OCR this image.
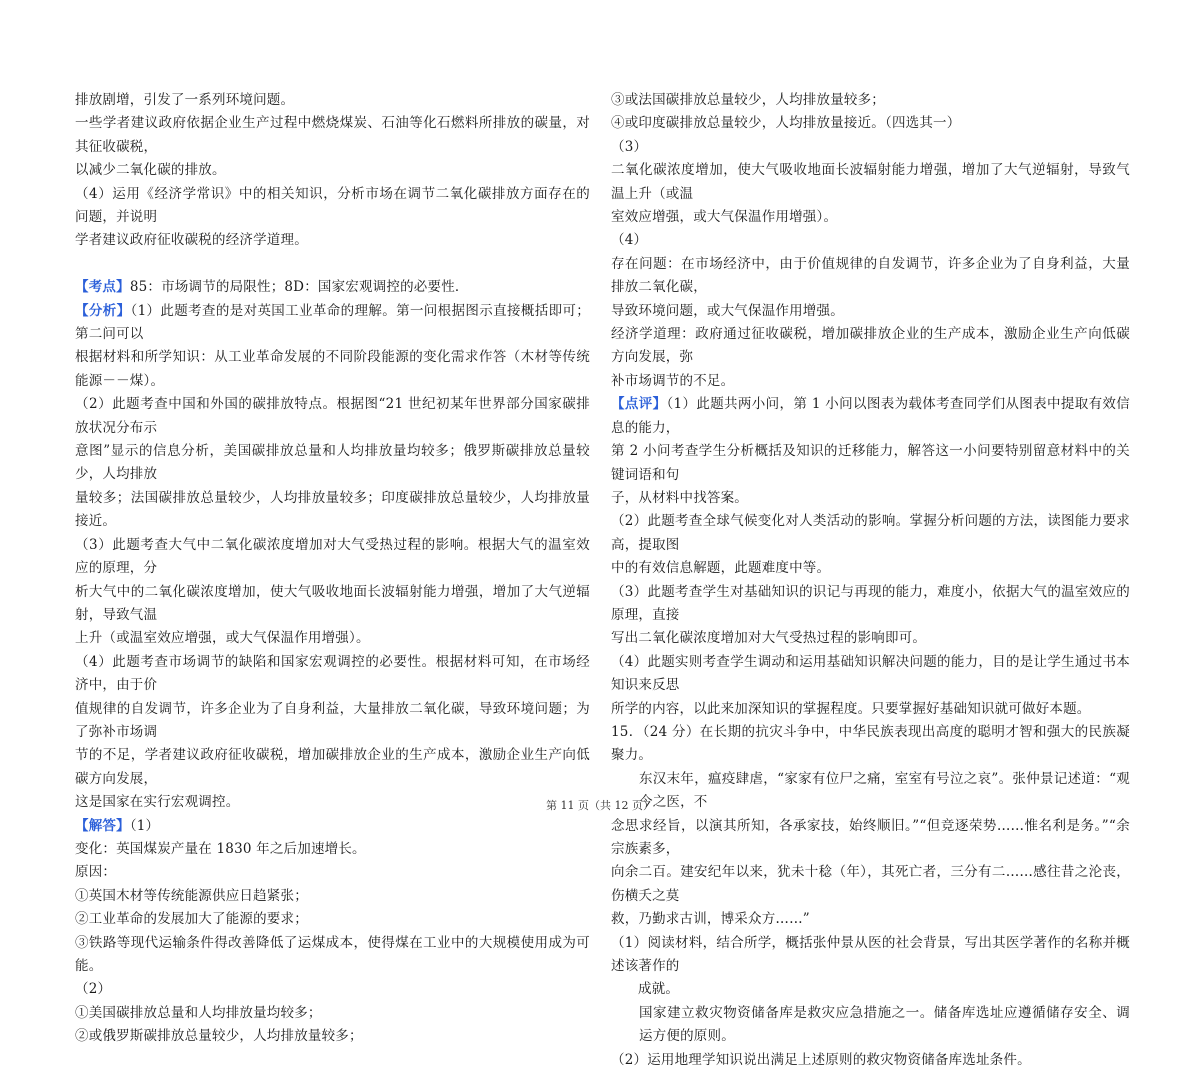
排放剧增，引发了一系列环境问题。
一些学者建议政府依据企业生产过程中燃烧煤炭、石油等化石燃料所排放的碳量，对其征收碳税，
以减少二氧化碳的排放。
（4）运用《经济学常识》中的相关知识，分析市场在调节二氧化碳排放方面存在的问题，并说明
学者建议政府征收碳税的经济学道理。
【考点】85：市场调节的局限性；8D：国家宏观调控的必要性．
【分析】（1）此题考查的是对英国工业革命的理解。第一问根据图示直接概括即可；第二问可以
根据材料和所学知识：从工业革命发展的不同阶段能源的变化需求作答（木材等传统能源－－煤）。
（2）此题考查中国和外国的碳排放特点。根据图“21 世纪初某年世界部分国家碳排放状况分布示
意图”显示的信息分析，美国碳排放总量和人均排放量均较多；俄罗斯碳排放总量较少，人均排放
量较多；法国碳排放总量较少，人均排放量较多；印度碳排放总量较少，人均排放量接近。
（3）此题考查大气中二氧化碳浓度增加对大气受热过程的影响。根据大气的温室效应的原理，分
析大气中的二氧化碳浓度增加，使大气吸收地面长波辐射能力增强，增加了大气逆辐射，导致气温
上升（或温室效应增强，或大气保温作用增强）。
（4）此题考查市场调节的缺陷和国家宏观调控的必要性。根据材料可知，在市场经济中，由于价
值规律的自发调节，许多企业为了自身利益，大量排放二氧化碳，导致环境问题；为了弥补市场调
节的不足，学者建议政府征收碳税，增加碳排放企业的生产成本，激励企业生产向低碳方向发展，
这是国家在实行宏观调控。
【解答】（1）
变化：英国煤炭产量在 1830 年之后加速增长。
原因：
①英国木材等传统能源供应日趋紧张；
②工业革命的发展加大了能源的要求；
③铁路等现代运输条件得改善降低了运煤成本，使得煤在工业中的大规模使用成为可能。
（2）
①美国碳排放总量和人均排放量均较多；
②或俄罗斯碳排放总量较少，人均排放量较多；
③或法国碳排放总量较少，人均排放量较多；
④或印度碳排放总量较少，人均排放量接近。（四选其一）
（3）
二氧化碳浓度增加，使大气吸收地面长波辐射能力增强，增加了大气逆辐射，导致气温上升（或温
室效应增强，或大气保温作用增强）。
（4）
存在问题：在市场经济中，由于价值规律的自发调节，许多企业为了自身利益，大量排放二氧化碳，
导致环境问题，或大气保温作用增强。
经济学道理：政府通过征收碳税，增加碳排放企业的生产成本，激励企业生产向低碳方向发展，弥
补市场调节的不足。
【点评】（1）此题共两小问，第 1 小问以图表为载体考查同学们从图表中提取有效信息的能力，
第 2 小问考查学生分析概括及知识的迁移能力，解答这一小问要特别留意材料中的关键词语和句
子，从材料中找答案。
（2）此题考查全球气候变化对人类活动的影响。掌握分析问题的方法，读图能力要求高，提取图
中的有效信息解题，此题难度中等。
（3）此题考查学生对基础知识的识记与再现的能力，难度小，依据大气的温室效应的原理，直接
写出二氧化碳浓度增加对大气受热过程的影响即可。
（4）此题实则考查学生调动和运用基础知识解决问题的能力，目的是让学生通过书本知识来反思
所学的内容，以此来加深知识的掌握程度。只要掌握好基础知识就可做好本题。
15．（24 分）在长期的抗灾斗争中，中华民族表现出高度的聪明才智和强大的民族凝聚力。
东汉末年，瘟疫肆虐，“家家有位尸之痛，室室有号泣之哀”。张仲景记述道：“观今之医，不
念思求经旨，以演其所知，各承家技，始终顺旧。”“但竞逐荣势……惟名利是务。”“余宗族素多，
向余二百。建安纪年以来，犹未十稔（年），其死亡者，三分有二……感往昔之沦丧，伤横夭之莫
救，乃勤求古训，博采众方……”
（1）阅读材料，结合所学，概括张仲景从医的社会背景，写出其医学著作的名称并概述该著作的
成就。
国家建立救灾物资储备库是救灾应急措施之一。储备库选址应遵循储存安全、调运方便的原则。
（2）运用地理学知识说出满足上述原则的救灾物资储备库选址条件。
第 11 页（共 12 页）
